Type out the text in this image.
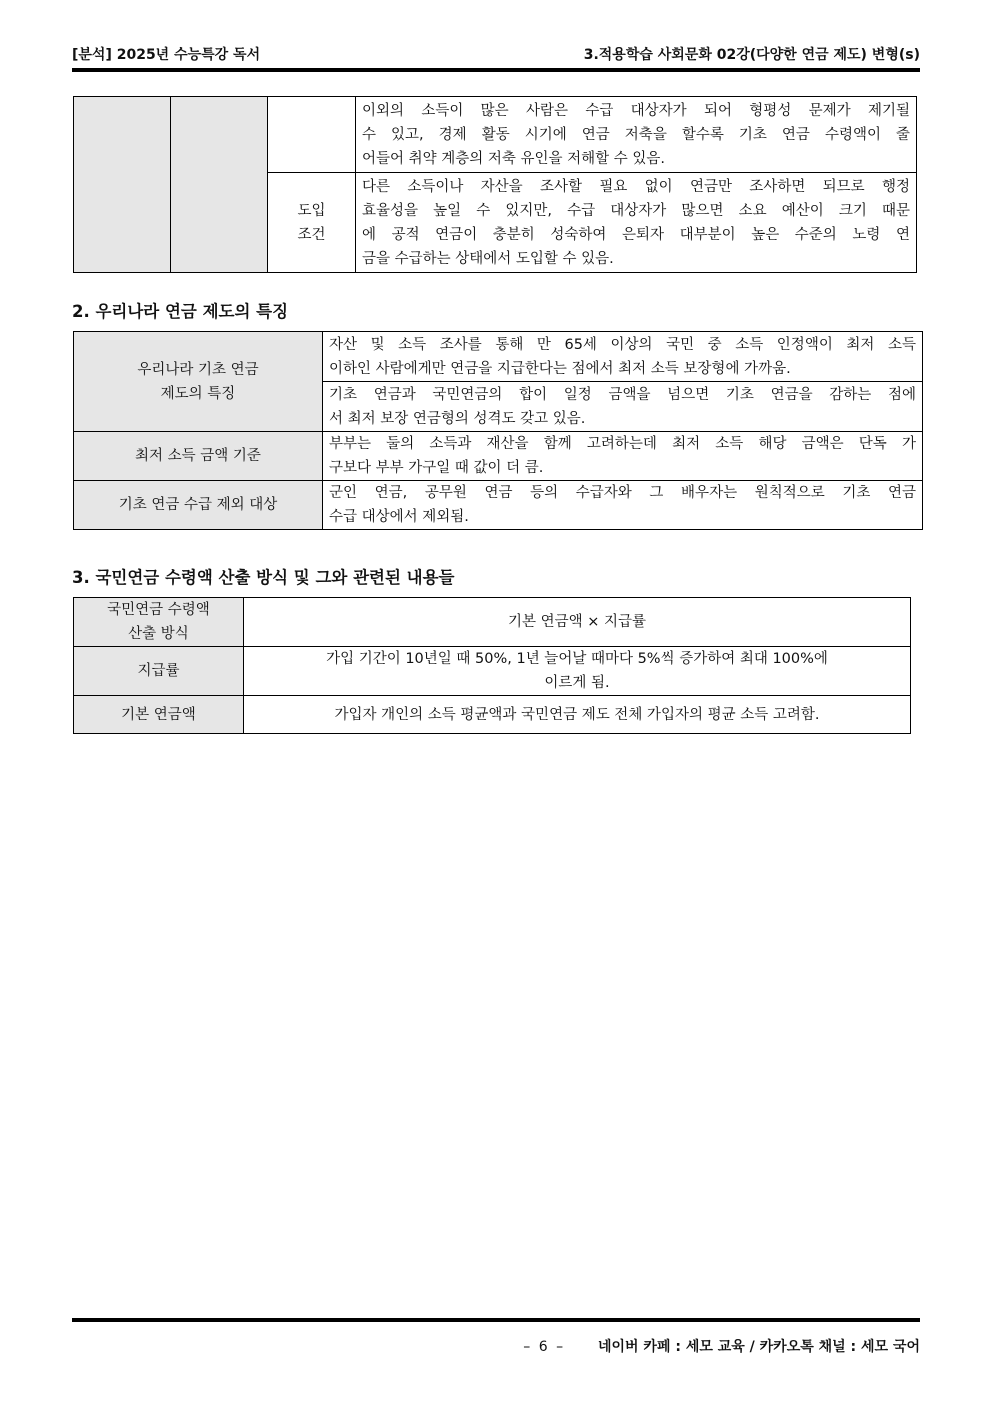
[분석] 2025년 수능특강 독서	3.적용학습 사회문화 02강(다양한 연금 제도) 변형(s)

			이외의 소득이 많은 사람은 수급 대상자가 되어 형평성 문제가 제기될
수 있고, 경제 활동 시기에 연금 저축을 할수록 기초 연금 수령액이 줄
어들어 취약 계층의 저축 유인을 저해할 수 있음.

		도입
조건	다른 소득이나 자산을 조사할 필요 없이 연금만 조사하면 되므로 행정
효율성을 높일 수 있지만, 수급 대상자가 많으면 소요 예산이 크기 때문
에 공적 연금이 충분히 성숙하여 은퇴자 대부분이 높은 수준의 노령 연
금을 수급하는 상태에서 도입할 수 있음.
2. 우리나라 연금 제도의 특징
우리나라 기초 연금
제도의 특징	자산 및 소득 조사를 통해 만 65세 이상의 국민 중 소득 인정액이 최저 소득
이하인 사람에게만 연금을 지급한다는 점에서 최저 소득 보장형에 가까움.

	기초 연금과 국민연금의 합이 일정 금액을 넘으면 기초 연금을 감하는 점에
서 최저 보장 연금형의 성격도 갖고 있음.

최저 소득 금액 기준	부부는 둘의 소득과 재산을 함께 고려하는데 최저 소득 해당 금액은 단독 가
구보다 부부 가구일 때 값이 더 큼.

기초 연금 수급 제외 대상	군인 연금, 공무원 연금 등의 수급자와 그 배우자는 원칙적으로 기초 연금
수급 대상에서 제외됨.
3. 국민연금 수령액 산출 방식 및 그와 관련된 내용들
국민연금 수령액
산출 방식	기본 연금액 × 지급률
지급률	가입 기간이 10년일 때 50%, 1년 늘어날 때마다 5%씩 증가하여 최대 100%에
이르게 됨.

기본 연금액	가입자 개인의 소득 평균액과 국민연금 제도 전체 가입자의 평균 소득 고려함.
– 6 – 네이버 카페 : 세모 교육 / 카카오톡 채널 : 세모 국어
